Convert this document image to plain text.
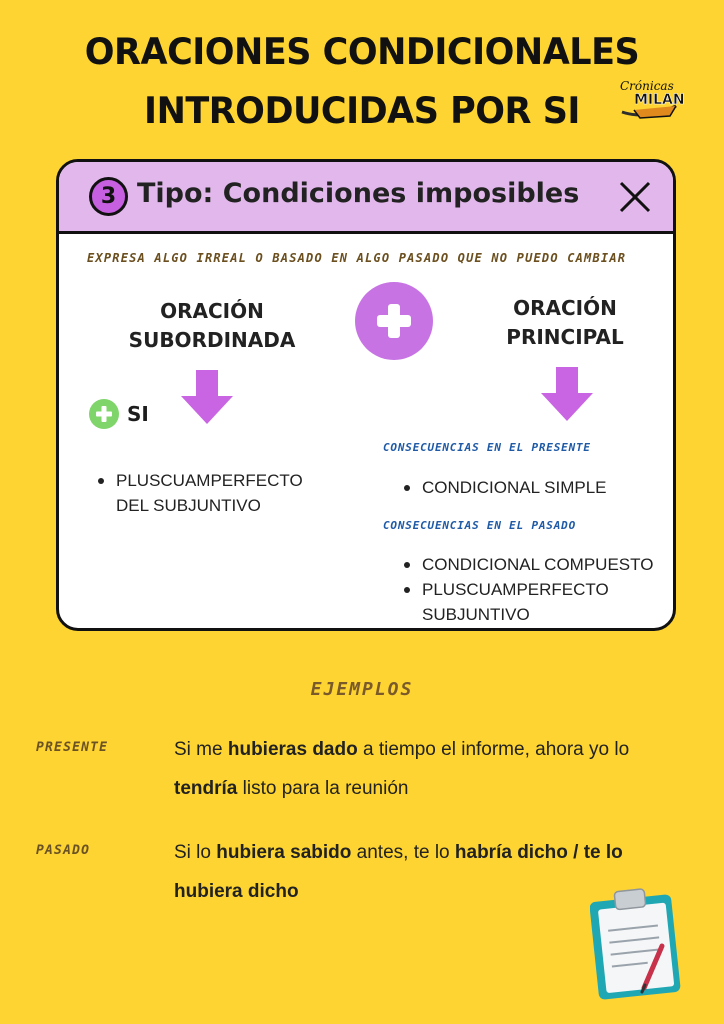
ORACIONES CONDICIONALES
INTRODUCIDAS POR SI
Crónicas
MILAN
3 Tipo: Condiciones imposibles
EXPRESA ALGO IRREAL O BASADO EN ALGO PASADO QUE NO PUEDO CAMBIAR
ORACIÓN
SUBORDINADA
ORACIÓN
PRINCIPAL
SI
PLUSCUAMPERFECTO DEL SUBJUNTIVO
CONSECUENCIAS EN EL PRESENTE
CONDICIONAL SIMPLE
CONSECUENCIAS EN EL PASADO
CONDICIONAL COMPUESTO
PLUSCUAMPERFECTO SUBJUNTIVO
EJEMPLOS
PRESENTE	Si me hubieras dado a tiempo el informe, ahora yo lo tendría listo para la reunión
PASADO	Si lo hubiera sabido antes, te lo habría dicho / te lo hubiera dicho
